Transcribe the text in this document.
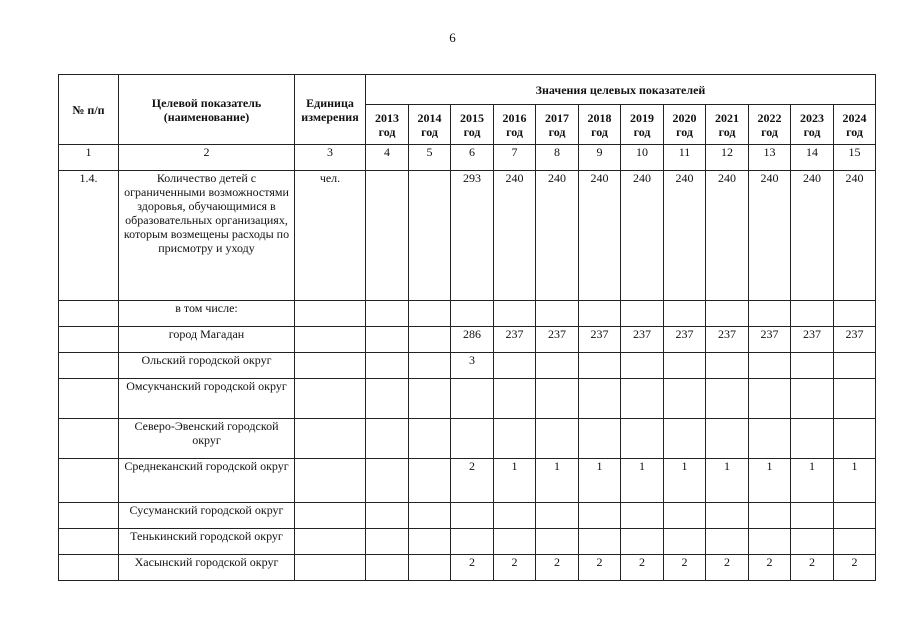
6
№ п/п	Целевой показатель (наименование)	Единица измерения	Значения целевых показателей											
			2013 год	2014 год	2015 год	2016 год	2017 год	2018 год	2019 год	2020 год	2021 год	2022 год	2023 год	2024 год
1	2	3	4	5	6	7	8	9	10	11	12	13	14	15
1.4.	Количество детей с ограниченными возможностями здоровья, обучающимися в образовательных организациях, которым возмещены расходы по присмотру и уходу	чел.			293	240	240	240	240	240	240	240	240	240
	в том числе:													
	город Магадан				286	237	237	237	237	237	237	237	237	237
	Ольский городской округ				3									
	Омсукчанский городской округ													
	Северо-Эвенский городской округ													
	Среднеканский городской округ				2	1	1	1	1	1	1	1	1	1
	Сусуманский городской округ													
	Тенькинский городской округ													
	Хасынский городской округ				2	2	2	2	2	2	2	2	2	2
